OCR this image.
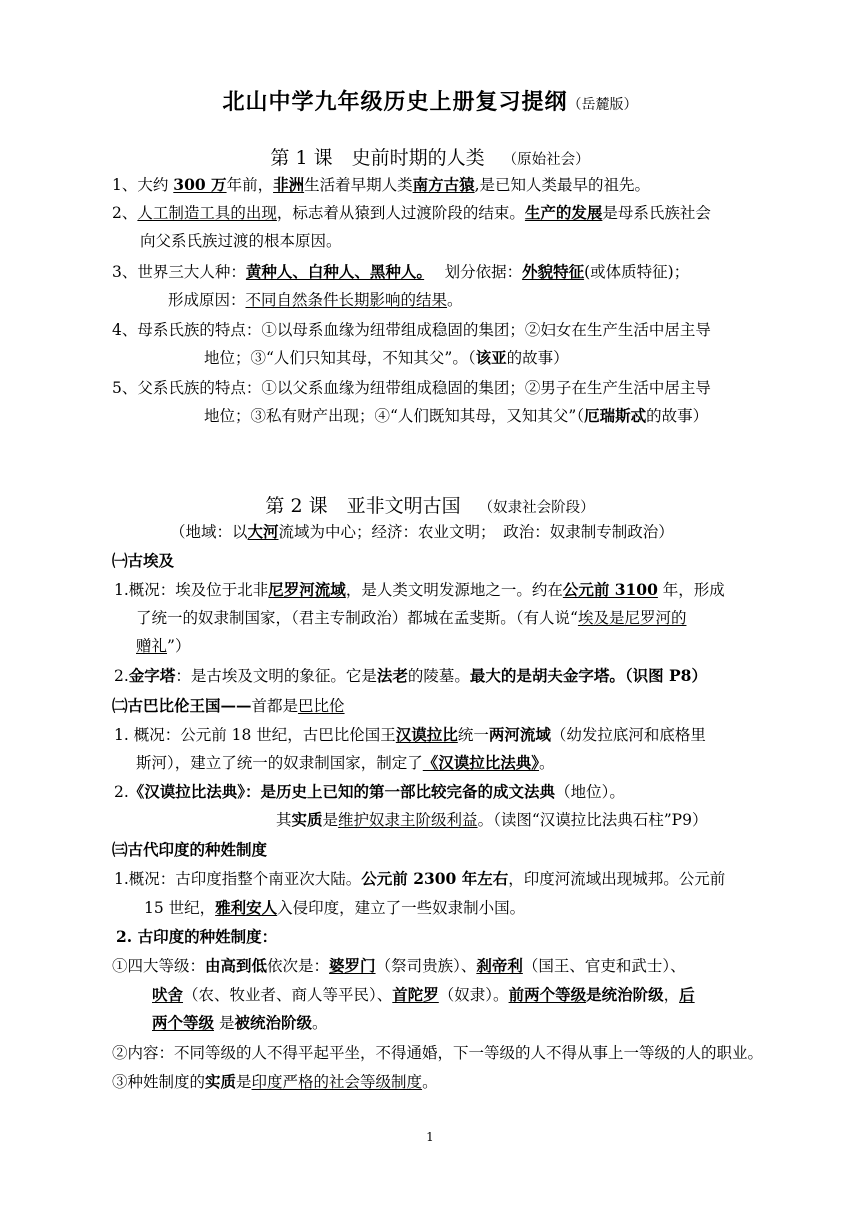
北山中学九年级历史上册复习提纲（岳麓版）
第 1 课　史前时期的人类 （原始社会）
1、大约 300 万年前，非洲生活着早期人类南方古猿,是已知人类最早的祖先。
2、人工制造工具的出现，标志着从猿到人过渡阶段的结束。生产的发展是母系氏族社会
向父系氏族过渡的根本原因。
3、世界三大人种：黄种人、白种人、黑种人。　 划分依据：外貌特征(或体质特征)；
形成原因：不同自然条件长期影响的结果。
4、母系氏族的特点：①以母系血缘为纽带组成稳固的集团；②妇女在生产生活中居主导
地位；③“人们只知其母，不知其父”。（该亚的故事）
5、父系氏族的特点：①以父系血缘为纽带组成稳固的集团；②男子在生产生活中居主导
地位；③私有财产出现；④“人们既知其母，又知其父”（厄瑞斯忒的故事）
第 2 课　亚非文明古国 （奴隶社会阶段）
（地域：以大河流域为中心；经济：农业文明；　政治：奴隶制专制政治）
㈠古埃及
1.概况：埃及位于北非尼罗河流域，是人类文明发源地之一。约在公元前 3100 年，形成
了统一的奴隶制国家，（君主专制政治）都城在孟斐斯。（有人说“埃及是尼罗河的
赠礼”）
2.金字塔：是古埃及文明的象征。它是法老的陵墓。最大的是胡夫金字塔。（识图 P8）
㈡古巴比伦王国——首都是巴比伦
1. 概况：公元前 18 世纪，古巴比伦国王汉谟拉比统一两河流域（幼发拉底河和底格里
斯河），建立了统一的奴隶制国家，制定了《汉谟拉比法典》。
2.《汉谟拉比法典》：是历史上已知的第一部比较完备的成文法典（地位）。
其实质是维护奴隶主阶级利益。（读图“汉谟拉比法典石柱”P9）
㈢古代印度的种姓制度
1.概况：古印度指整个南亚次大陆。公元前 2300 年左右，印度河流域出现城邦。公元前
15 世纪，雅利安人入侵印度，建立了一些奴隶制小国。
2. 古印度的种姓制度：
①四大等级：由高到低依次是：婆罗门（祭司贵族）、刹帝利（国王、官吏和武士）、
吠舍（农、牧业者、商人等平民）、首陀罗（奴隶）。前两个等级是统治阶级，后
两个等级 是被统治阶级。
②内容：不同等级的人不得平起平坐，不得通婚，下一等级的人不得从事上一等级的人的职业。
③种姓制度的实质是印度严格的社会等级制度。
1
